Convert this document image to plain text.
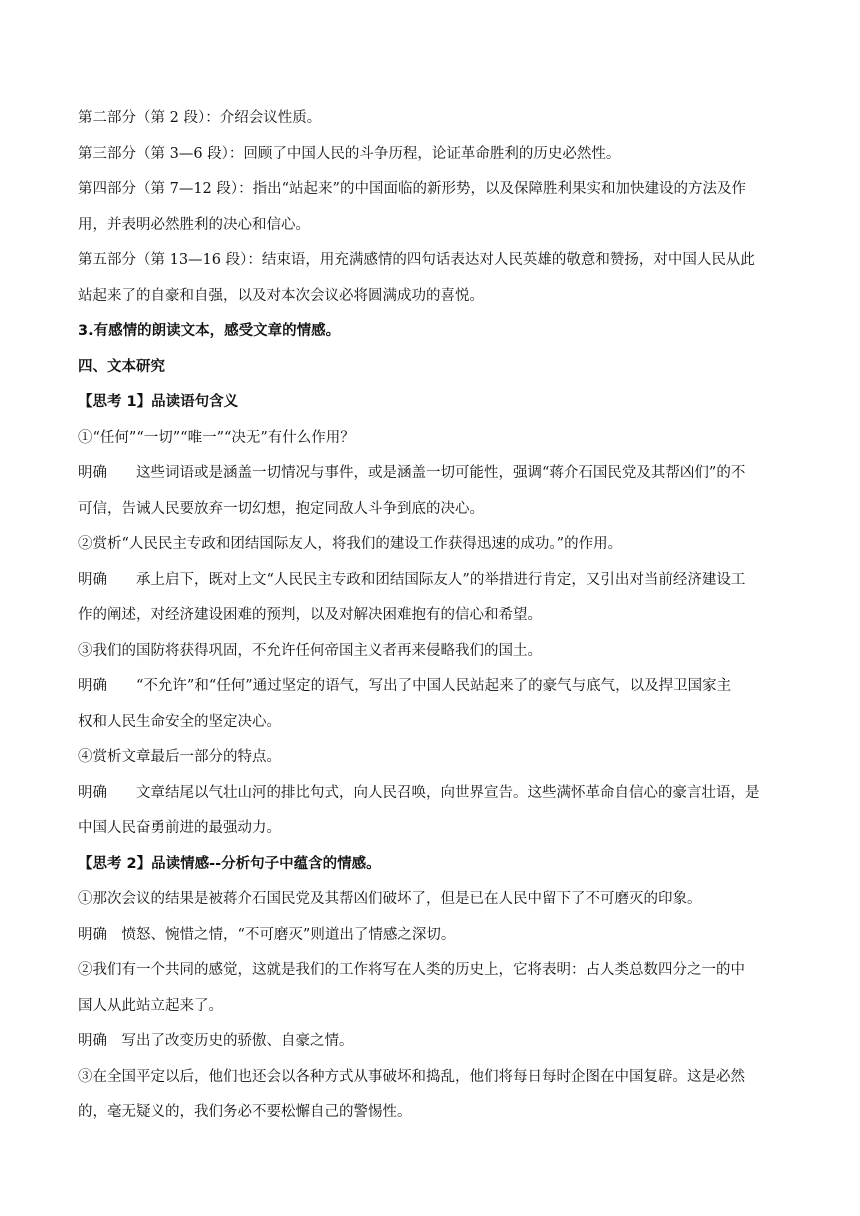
第二部分（第 2 段）：介绍会议性质。
第三部分（第 3—6 段）：回顾了中国人民的斗争历程，论证革命胜利的历史必然性。
第四部分（第 7—12 段）：指出“站起来”的中国面临的新形势，以及保障胜利果实和加快建设的方法及作
用，并表明必然胜利的决心和信心。
第五部分（第 13—16 段）：结束语，用充满感情的四句话表达对人民英雄的敬意和赞扬，对中国人民从此
站起来了的自豪和自强，以及对本次会议必将圆满成功的喜悦。
3.有感情的朗读文本，感受文章的情感。
四、文本研究
【思考 1】品读语句含义
①“任何”“一切”“唯一”“决无”有什么作用？
明确　　这些词语或是涵盖一切情况与事件，或是涵盖一切可能性，强调“蒋介石国民党及其帮凶们”的不
可信，告诫人民要放弃一切幻想，抱定同敌人斗争到底的决心。
②赏析“人民民主专政和团结国际友人，将我们的建设工作获得迅速的成功。”的作用。
明确　　承上启下，既对上文“人民民主专政和团结国际友人”的举措进行肯定，又引出对当前经济建设工
作的阐述，对经济建设困难的预判，以及对解决困难抱有的信心和希望。
③我们的国防将获得巩固，不允许任何帝国主义者再来侵略我们的国土。
明确　　“不允许”和“任何”通过坚定的语气，写出了中国人民站起来了的豪气与底气，以及捍卫国家主
权和人民生命安全的坚定决心。
④赏析文章最后一部分的特点。
明确　　文章结尾以气壮山河的排比句式，向人民召唤，向世界宣告。这些满怀革命自信心的豪言壮语，是
中国人民奋勇前进的最强动力。
【思考 2】品读情感--分析句子中蕴含的情感。
①那次会议的结果是被蒋介石国民党及其帮凶们破坏了，但是已在人民中留下了不可磨灭的印象。
明确　愤怒、惋惜之情，“不可磨灭”则道出了情感之深切。
②我们有一个共同的感觉，这就是我们的工作将写在人类的历史上，它将表明：占人类总数四分之一的中
国人从此站立起来了。
明确　写出了改变历史的骄傲、自豪之情。
③在全国平定以后，他们也还会以各种方式从事破坏和捣乱，他们将每日每时企图在中国复辟。这是必然
的，毫无疑义的，我们务必不要松懈自己的警惕性。
